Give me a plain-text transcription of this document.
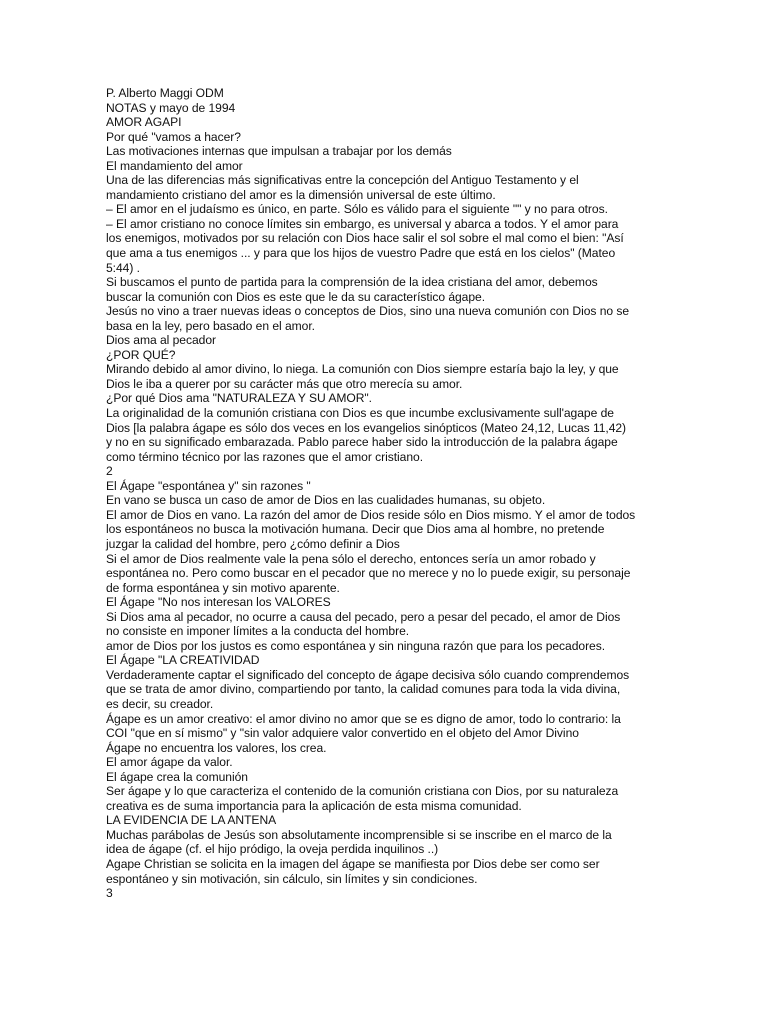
P. Alberto Maggi ODM
NOTAS y mayo de 1994
AMOR AGAPI
Por qué "vamos a hacer?
Las motivaciones internas que impulsan a trabajar por los demás
El mandamiento del amor
Una de las diferencias más significativas entre la concepción del Antiguo Testamento y el
mandamiento cristiano del amor es la dimensión universal de este último.
– El amor en el judaísmo es único, en parte. Sólo es válido para el siguiente "" y no para otros.
– El amor cristiano no conoce límites sin embargo, es universal y abarca a todos. Y el amor para
los enemigos, motivados por su relación con Dios hace salir el sol sobre el mal como el bien: "Así
que ama a tus enemigos ... y para que los hijos de vuestro Padre que está en los cielos" (Mateo
5:44) .
Si buscamos el punto de partida para la comprensión de la idea cristiana del amor, debemos
buscar la comunión con Dios es este que le da su característico ágape.
Jesús no vino a traer nuevas ideas o conceptos de Dios, sino una nueva comunión con Dios no se
basa en la ley, pero basado en el amor.
Dios ama al pecador
¿POR QUÉ?
Mirando debido al amor divino, lo niega. La comunión con Dios siempre estaría bajo la ley, y que
Dios le iba a querer por su carácter más que otro merecía su amor.
¿Por qué Dios ama "NATURALEZA Y SU AMOR".
La originalidad de la comunión cristiana con Dios es que incumbe exclusivamente sull'agape de
Dios [la palabra ágape es sólo dos veces en los evangelios sinópticos (Mateo 24,12, Lucas 11,42)
y no en su significado embarazada. Pablo parece haber sido la introducción de la palabra ágape
como término técnico por las razones que el amor cristiano.
2
El Ágape "espontánea y" sin razones "
En vano se busca un caso de amor de Dios en las cualidades humanas, su objeto.
El amor de Dios en vano. La razón del amor de Dios reside sólo en Dios mismo. Y el amor de todos
los espontáneos no busca la motivación humana. Decir que Dios ama al hombre, no pretende
juzgar la calidad del hombre, pero ¿cómo definir a Dios
Si el amor de Dios realmente vale la pena sólo el derecho, entonces sería un amor robado y
espontánea no. Pero como buscar en el pecador que no merece y no lo puede exigir, su personaje
de forma espontánea y sin motivo aparente.
El Ágape "No nos interesan los VALORES
Si Dios ama al pecador, no ocurre a causa del pecado, pero a pesar del pecado, el amor de Dios
no consiste en imponer límites a la conducta del hombre.
amor de Dios por los justos es como espontánea y sin ninguna razón que para los pecadores.
El Ágape "LA CREATIVIDAD
Verdaderamente captar el significado del concepto de ágape decisiva sólo cuando comprendemos
que se trata de amor divino, compartiendo por tanto, la calidad comunes para toda la vida divina,
es decir, su creador.
Ágape es un amor creativo: el amor divino no amor que se es digno de amor, todo lo contrario: la
COI "que en sí mismo" y "sin valor adquiere valor convertido en el objeto del Amor Divino
Ágape no encuentra los valores, los crea.
El amor ágape da valor.
El ágape crea la comunión
Ser ágape y lo que caracteriza el contenido de la comunión cristiana con Dios, por su naturaleza
creativa es de suma importancia para la aplicación de esta misma comunidad.
LA EVIDENCIA DE LA ANTENA
Muchas parábolas de Jesús son absolutamente incomprensible si se inscribe en el marco de la
idea de ágape (cf. el hijo pródigo, la oveja perdida inquilinos ..)
Agape Christian se solicita en la imagen del ágape se manifiesta por Dios debe ser como ser
espontáneo y sin motivación, sin cálculo, sin límites y sin condiciones.
3
